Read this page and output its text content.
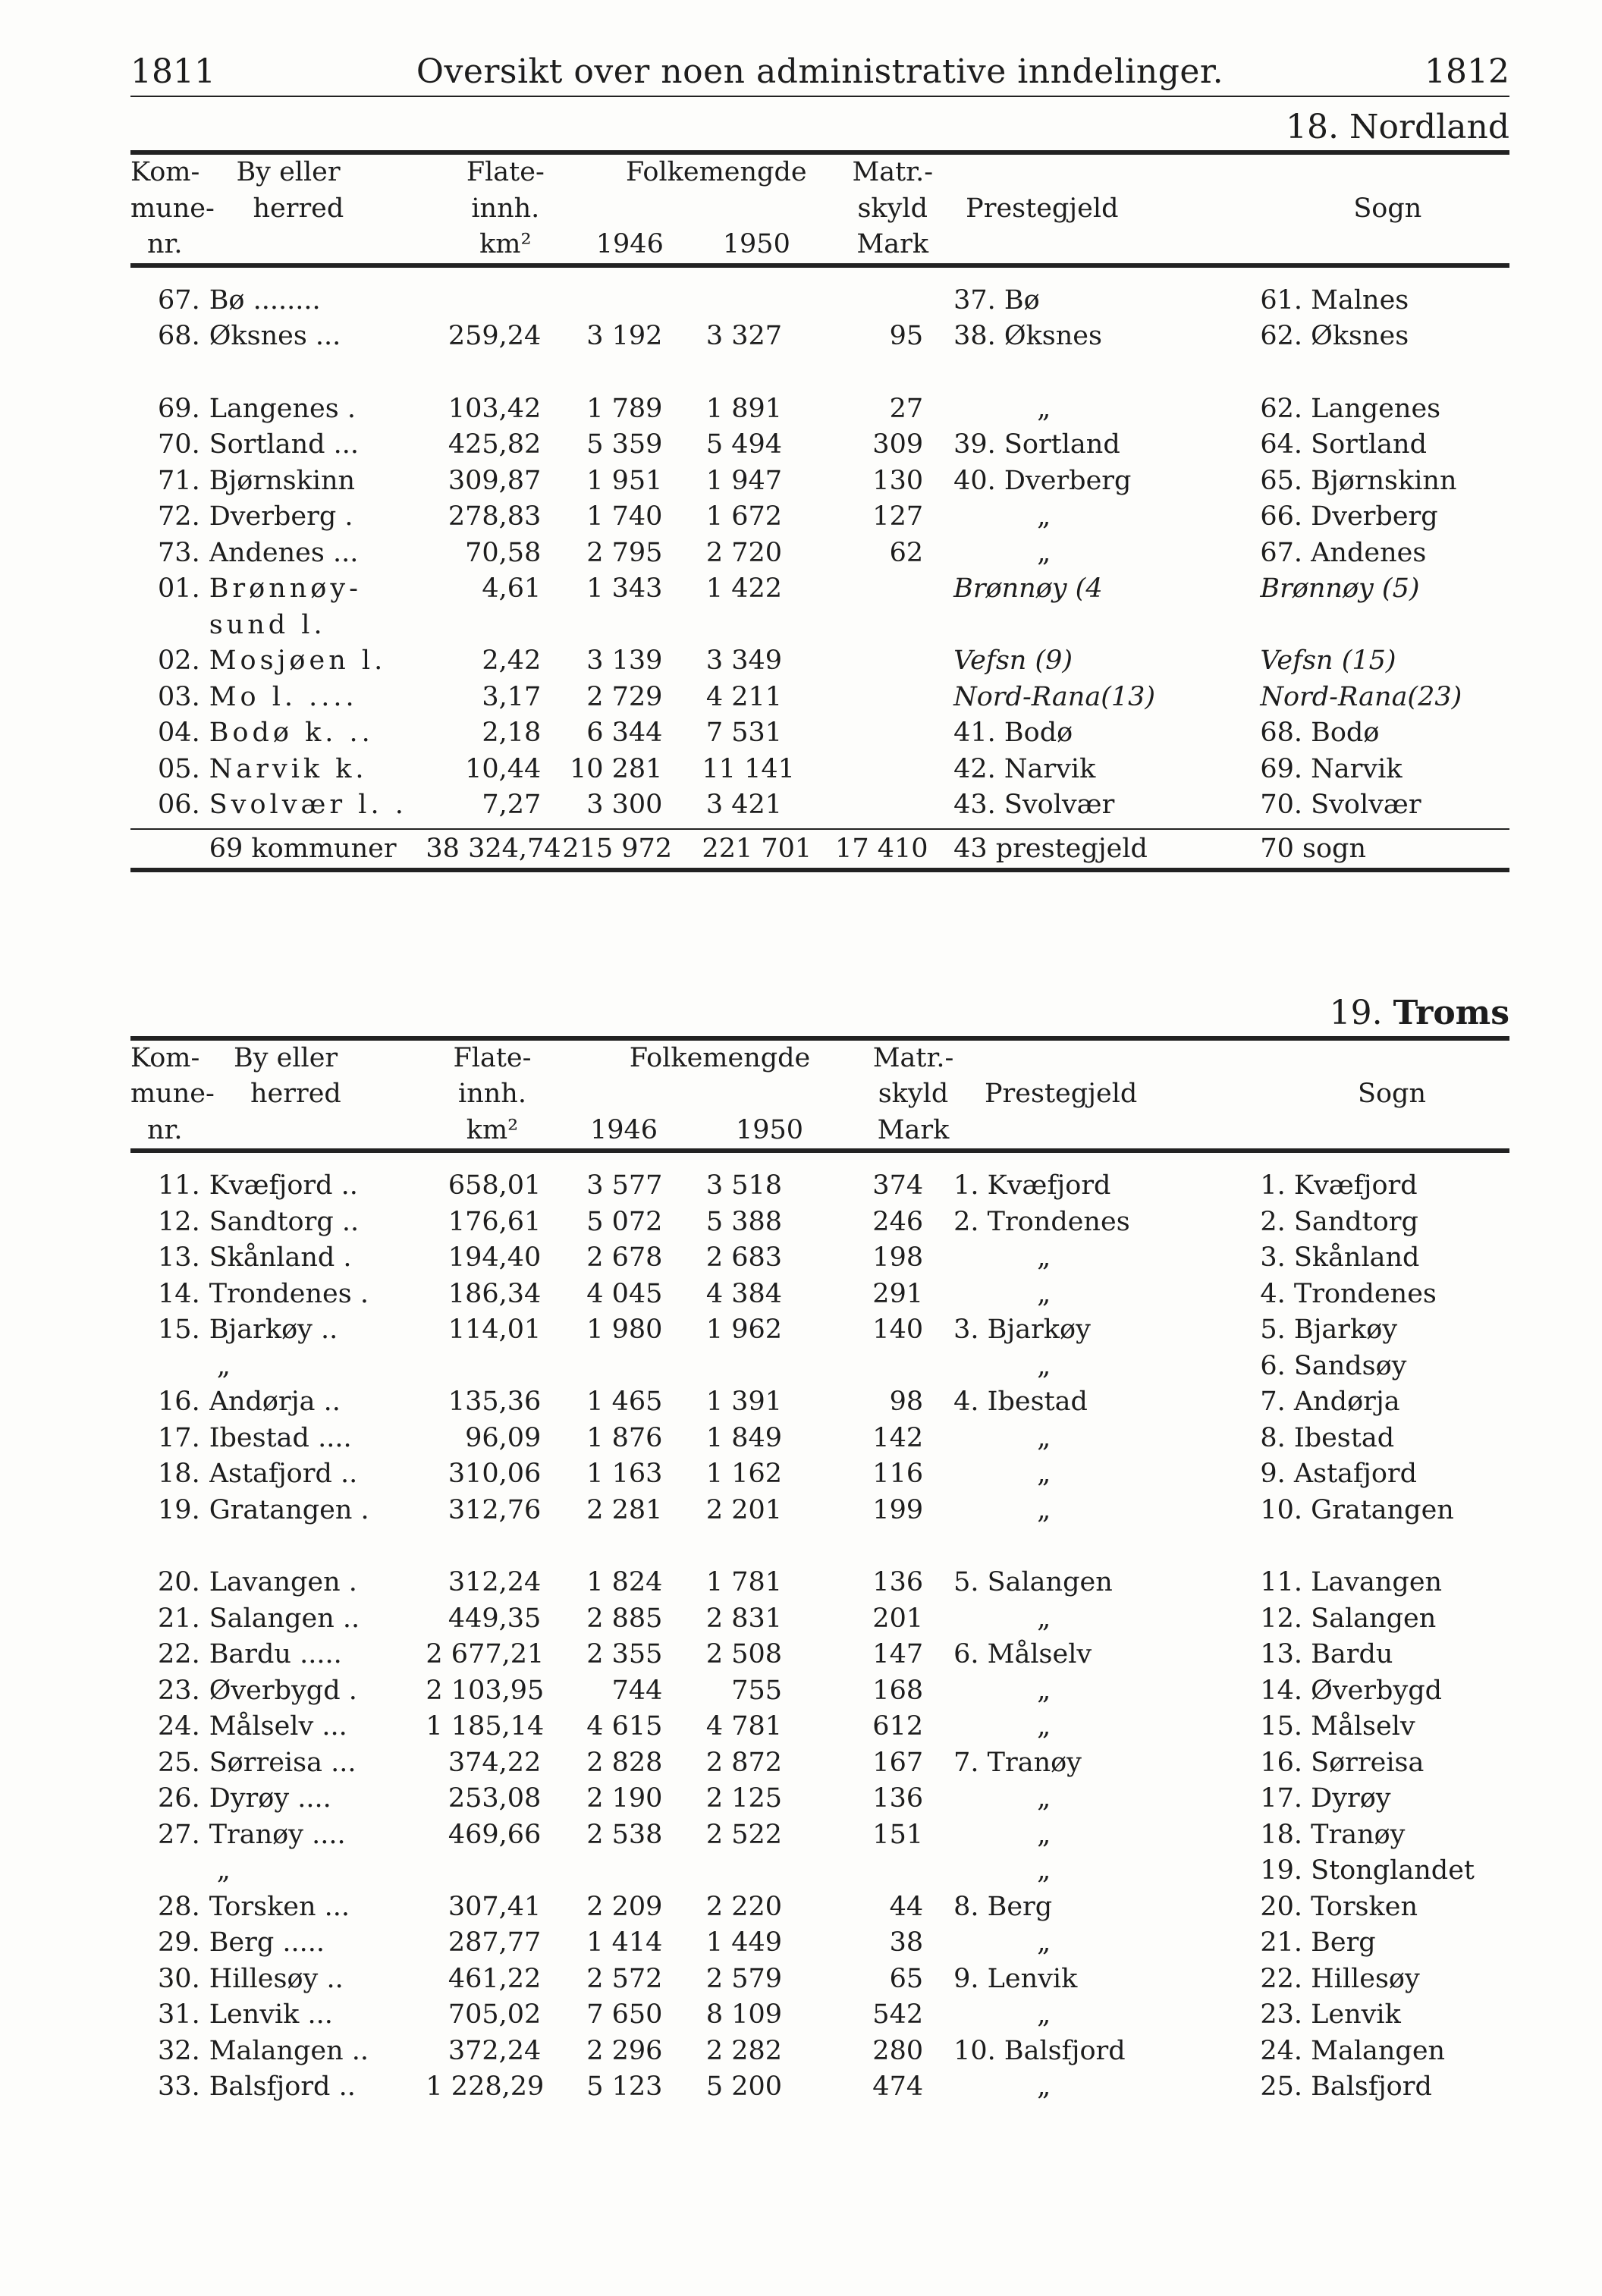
1811	Oversikt over noen administrative inndelinger.	1812
18. Nordland
Kom-	By eller	Flate-	Folkemengde		Matr.-		
mune-	herred	innh.			skyld	Prestegjeld	Sogn
nr.		km²	1946	1950	Mark		
67.	Bø ........					37. Bø	61. Malnes
68.	Øksnes ...	259,24	3 192	3 327	95	38. Øksnes	62. Øksnes

69.	Langenes .	103,42	1 789	1 891	27	„	62. Langenes
70.	Sortland ...	425,82	5 359	5 494	309	39. Sortland	64. Sortland
71.	Bjørnskinn	309,87	1 951	1 947	130	40. Dverberg	65. Bjørnskinn
72.	Dverberg .	278,83	1 740	1 672	127	„	66. Dverberg
73.	Andenes ...	70,58	2 795	2 720	62	„	67. Andenes
01.	Brønnøy-	4,61	1 343	1 422		Brønnøy (4	Brønnøy (5)
	sund l.						
02.	Mosjøen l.	2,42	3 139	3 349		Vefsn (9)	Vefsn (15)
03.	Mo l. ....	3,17	2 729	4 211		Nord-Rana(13)	Nord-Rana(23)
04.	Bodø k. ..	2,18	6 344	7 531		41. Bodø	68. Bodø
05.	Narvik k.	10,44	10 281	11 141		42. Narvik	69. Narvik
06.	Svolvær l. .	7,27	3 300	3 421		43. Svolvær	70. Svolvær
	69 kommuner	38 324,74	215 972	221 701	17 410	43 prestegjeld	70 sogn
19. Troms
Kom-	By eller	Flate-	Folkemengde		Matr.-		
mune-	herred	innh.			skyld	Prestegjeld	Sogn
nr.		km²	1946	1950	Mark		
11.	Kvæfjord ..	658,01	3 577	3 518	374	1. Kvæfjord	1. Kvæfjord
12.	Sandtorg ..	176,61	5 072	5 388	246	2. Trondenes	2. Sandtorg
13.	Skånland .	194,40	2 678	2 683	198	„	3. Skånland
14.	Trondenes .	186,34	4 045	4 384	291	„	4. Trondenes
15.	Bjarkøy ..	114,01	1 980	1 962	140	3. Bjarkøy	5. Bjarkøy
	„					„	6. Sandsøy
16.	Andørja ..	135,36	1 465	1 391	98	4. Ibestad	7. Andørja
17.	Ibestad ....	96,09	1 876	1 849	142	„	8. Ibestad
18.	Astafjord ..	310,06	1 163	1 162	116	„	9. Astafjord
19.	Gratangen .	312,76	2 281	2 201	199	„	10. Gratangen

20.	Lavangen .	312,24	1 824	1 781	136	5. Salangen	11. Lavangen
21.	Salangen ..	449,35	2 885	2 831	201	„	12. Salangen
22.	Bardu .....	2 677,21	2 355	2 508	147	6. Målselv	13. Bardu
23.	Øverbygd .	2 103,95	744	755	168	„	14. Øverbygd
24.	Målselv ...	1 185,14	4 615	4 781	612	„	15. Målselv
25.	Sørreisa ...	374,22	2 828	2 872	167	7. Tranøy	16. Sørreisa
26.	Dyrøy ....	253,08	2 190	2 125	136	„	17. Dyrøy
27.	Tranøy ....	469,66	2 538	2 522	151	„	18. Tranøy
	„					„	19. Stonglandet
28.	Torsken ...	307,41	2 209	2 220	44	8. Berg	20. Torsken
29.	Berg .....	287,77	1 414	1 449	38	„	21. Berg
30.	Hillesøy ..	461,22	2 572	2 579	65	9. Lenvik	22. Hillesøy
31.	Lenvik ...	705,02	7 650	8 109	542	„	23. Lenvik
32.	Malangen ..	372,24	2 296	2 282	280	10. Balsfjord	24. Malangen
33.	Balsfjord ..	1 228,29	5 123	5 200	474	„	25. Balsfjord
